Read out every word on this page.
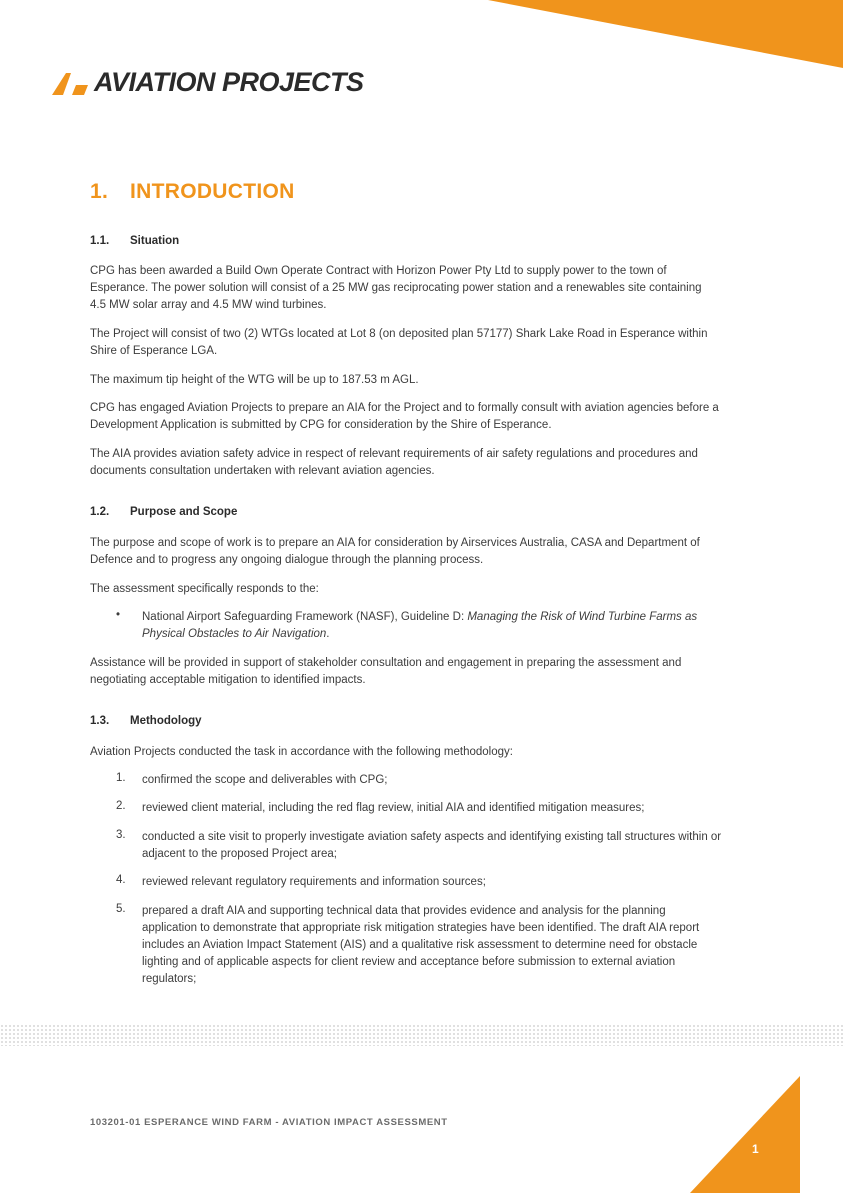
AVIATION PROJECTS
1. INTRODUCTION
1.1. Situation

CPG has been awarded a Build Own Operate Contract with Horizon Power Pty Ltd to supply power to the town of Esperance. The power solution will consist of a 25 MW gas reciprocating power station and a renewables site containing 4.5 MW solar array and 4.5 MW wind turbines.

The Project will consist of two (2) WTGs located at Lot 8 (on deposited plan 57177) Shark Lake Road in Esperance within Shire of Esperance LGA.

The maximum tip height of the WTG will be up to 187.53 m AGL.

CPG has engaged Aviation Projects to prepare an AIA for the Project and to formally consult with aviation agencies before a Development Application is submitted by CPG for consideration by the Shire of Esperance.

The AIA provides aviation safety advice in respect of relevant requirements of air safety regulations and procedures and documents consultation undertaken with relevant aviation agencies.

1.2. Purpose and Scope

The purpose and scope of work is to prepare an AIA for consideration by Airservices Australia, CASA and Department of Defence and to progress any ongoing dialogue through the planning process.

The assessment specifically responds to the:

• National Airport Safeguarding Framework (NASF), Guideline D: Managing the Risk of Wind Turbine Farms as Physical Obstacles to Air Navigation.

Assistance will be provided in support of stakeholder consultation and engagement in preparing the assessment and negotiating acceptable mitigation to identified impacts.

1.3. Methodology

Aviation Projects conducted the task in accordance with the following methodology:

1. confirmed the scope and deliverables with CPG;
2. reviewed client material, including the red flag review, initial AIA and identified mitigation measures;
3. conducted a site visit to properly investigate aviation safety aspects and identifying existing tall structures within or adjacent to the proposed Project area;
4. reviewed relevant regulatory requirements and information sources;
5. prepared a draft AIA and supporting technical data that provides evidence and analysis for the planning application to demonstrate that appropriate risk mitigation strategies have been identified. The draft AIA report includes an Aviation Impact Statement (AIS) and a qualitative risk assessment to determine need for obstacle lighting and of applicable aspects for client review and acceptance before submission to external aviation regulators;
103201-01 ESPERANCE WIND FARM - AVIATION IMPACT ASSESSMENT
1
